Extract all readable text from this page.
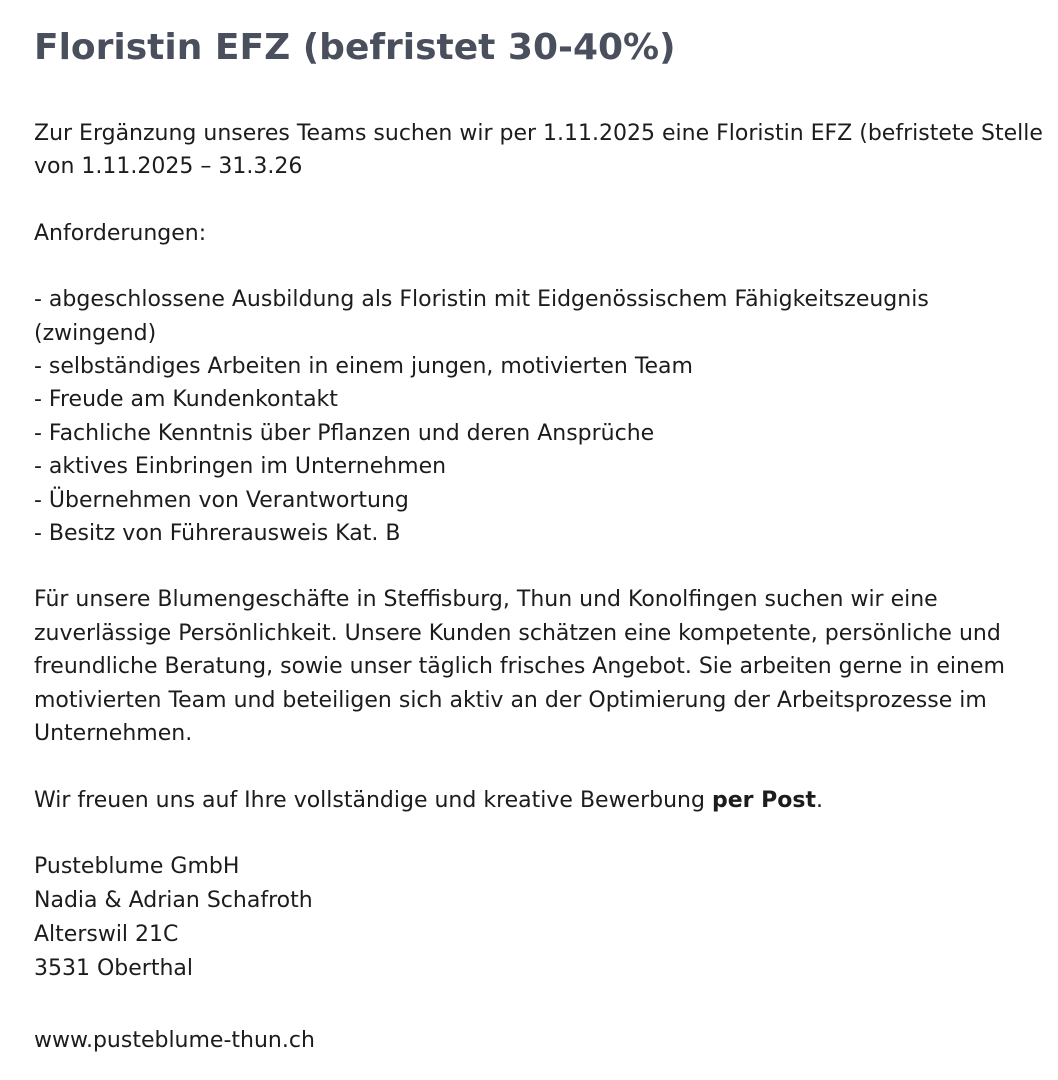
Floristin EFZ (befristet 30-40%)

Zur Ergänzung unseres Teams suchen wir per 1.11.2025 eine Floristin EFZ (befristete Stelle von 1.11.2025 – 31.3.26

Anforderungen:

- abgeschlossene Ausbildung als Floristin mit Eidgenössischem Fähigkeitszeugnis (zwingend)
- selbständiges Arbeiten in einem jungen, motivierten Team
- Freude am Kundenkontakt
- Fachliche Kenntnis über Pflanzen und deren Ansprüche
- aktives Einbringen im Unternehmen
- Übernehmen von Verantwortung
- Besitz von Führerausweis Kat. B

Für unsere Blumengeschäfte in Steffisburg, Thun und Konolfingen suchen wir eine zuverlässige Persönlichkeit. Unsere Kunden schätzen eine kompetente, persönliche und freundliche Beratung, sowie unser täglich frisches Angebot. Sie arbeiten gerne in einem motivierten Team und beteiligen sich aktiv an der Optimierung der Arbeitsprozesse im Unternehmen.

Wir freuen uns auf Ihre vollständige und kreative Bewerbung per Post.

Pusteblume GmbH
Nadia & Adrian Schafroth
Alterswil 21C
3531 Oberthal

www.pusteblume-thun.ch
